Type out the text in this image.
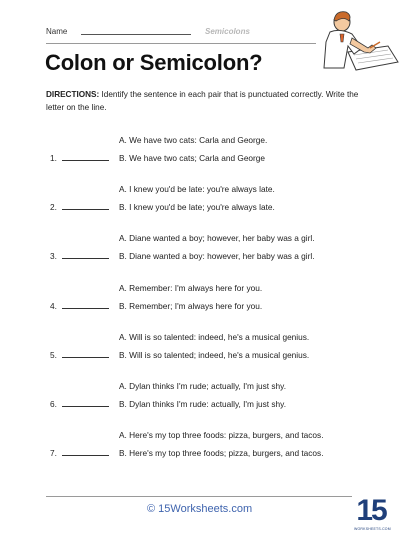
Name	Semicolons
Colon or Semicolon?
DIRECTIONS: Identify the sentence in each pair that is punctuated correctly. Write the letter on the line.
A. We have two cats: Carla and George.
1.	B. We have two cats; Carla and George
A. I knew you'd be late: you're always late.
2.	B. I knew you'd be late; you're always late.
A. Diane wanted a boy; however, her baby was a girl.
3.	B. Diane wanted a boy: however, her baby was a girl.
A. Remember: I'm always here for you.
4.	B. Remember; I'm always here for you.
A. Will is so talented: indeed, he's a musical genius.
5.	B. Will is so talented; indeed, he's a musical genius.
A. Dylan thinks I'm rude; actually, I'm just shy.
6.	B. Dylan thinks I'm rude: actually, I'm just shy.
A. Here's my top three foods: pizza, burgers, and tacos.
7.	B. Here's my top three foods; pizza, burgers, and tacos.
© 15Worksheets.com	15
WORKSHEETS.COM
